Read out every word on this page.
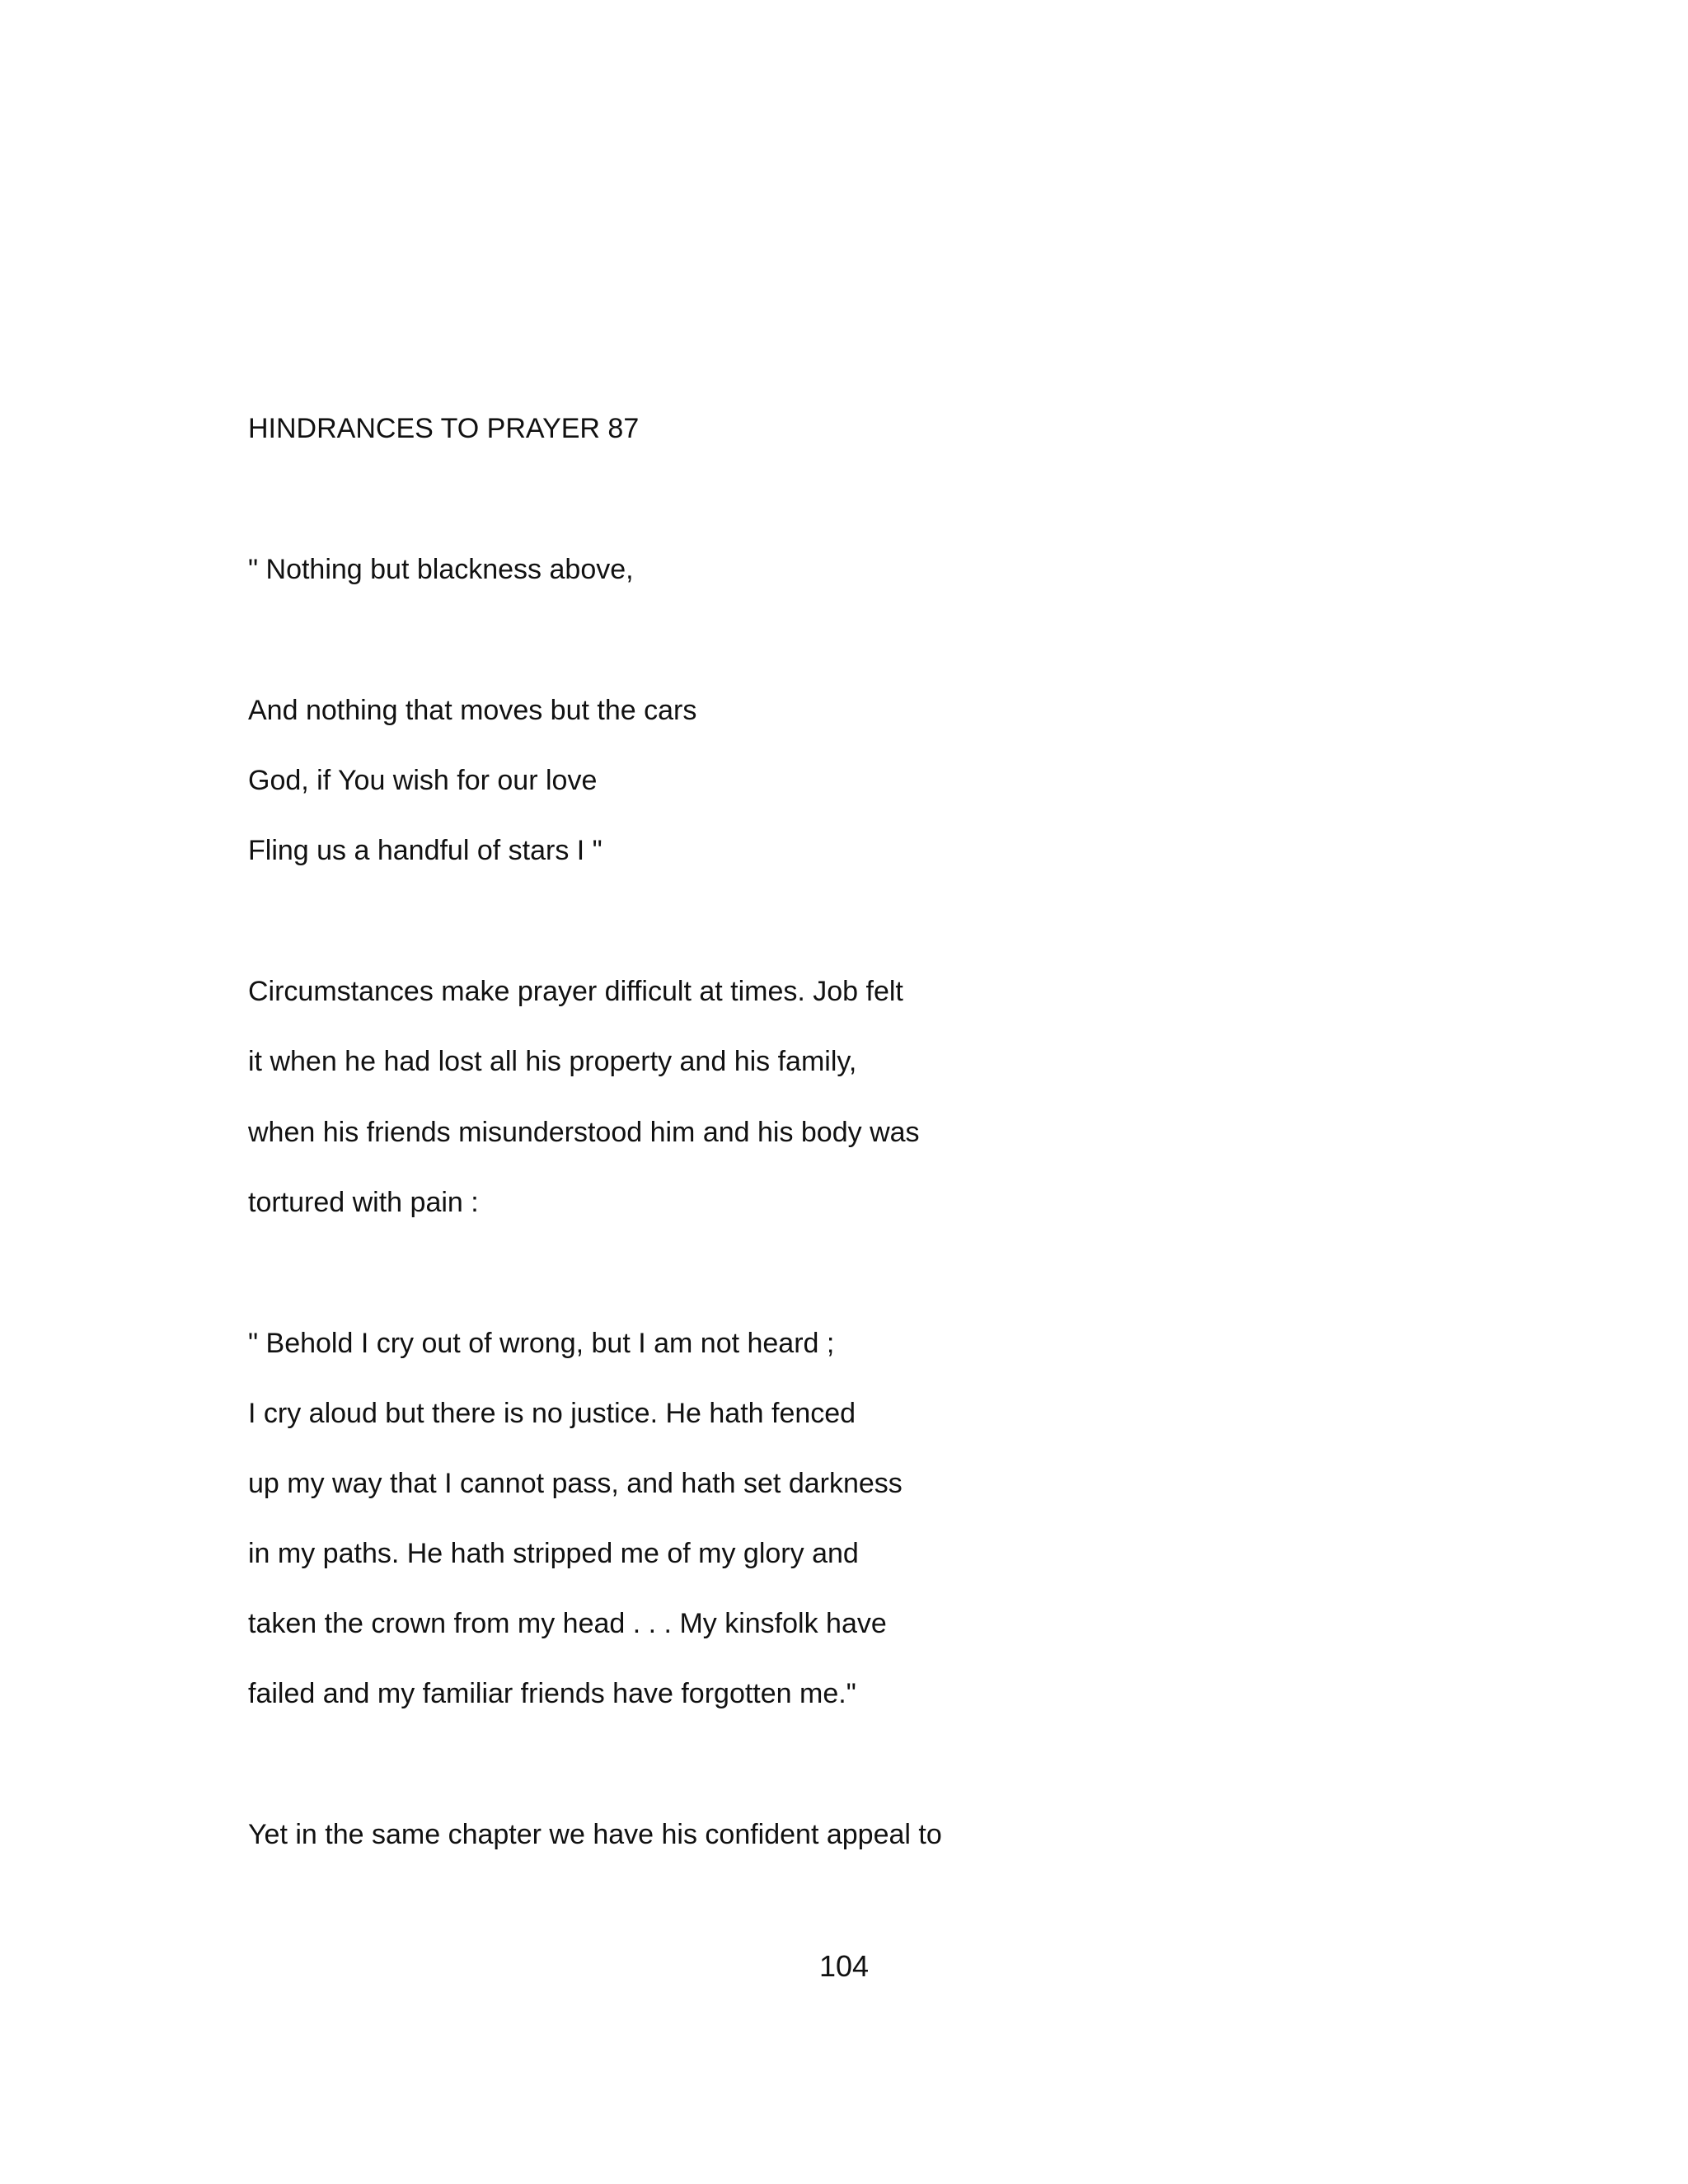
HINDRANCES TO PRAYER 87
" Nothing but blackness above,
And nothing that moves but the cars
God, if You wish for our love
Fling us a handful of stars I "
Circumstances make prayer difficult at times. Job felt
it when he had lost all his property and his family,
when his friends misunderstood him and his body was
tortured with pain :
" Behold I cry out of wrong, but I am not heard ;
I cry aloud but there is no justice. He hath fenced
up my way that I cannot pass, and hath set darkness
in my paths. He hath stripped me of my glory and
taken the crown from my head . . . My kinsfolk have
failed and my familiar friends have forgotten me."
Yet in the same chapter we have his confident appeal to
104
